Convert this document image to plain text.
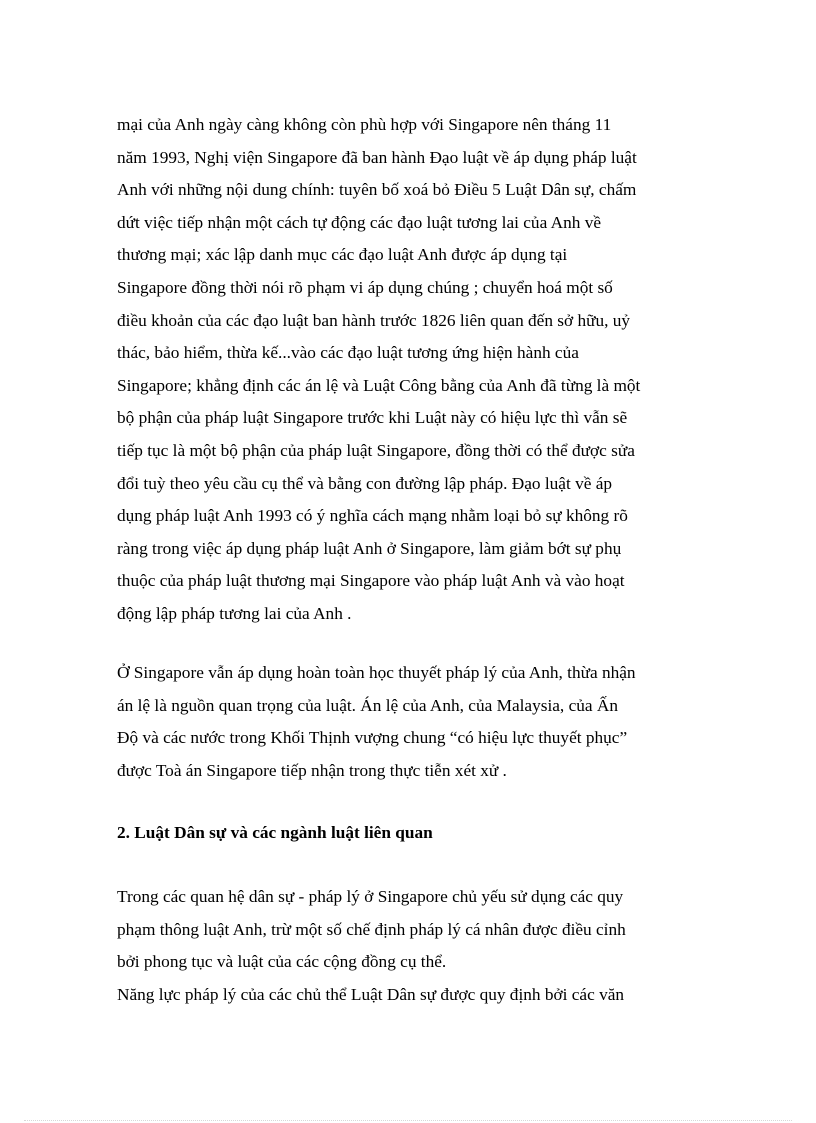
mại của Anh ngày càng không còn phù hợp với Singapore nên tháng 11
năm 1993, Nghị viện Singapore đã ban hành Đạo luật về áp dụng pháp luật
Anh với những nội dung chính: tuyên bố xoá bỏ Điều 5 Luật Dân sự, chấm
dứt việc tiếp nhận một cách tự động các đạo luật tương lai của Anh về
thương mại; xác lập danh mục các đạo luật Anh được áp dụng tại
Singapore đồng thời nói rõ phạm vi áp dụng chúng ; chuyển hoá một số
điều khoản của các đạo luật ban hành trước 1826 liên quan đến sở hữu, uỷ
thác, bảo hiểm, thừa kế...vào các đạo luật tương ứng hiện hành của
Singapore; khẳng định các án lệ và Luật Công bằng của Anh đã từng là một
bộ phận của pháp luật Singapore trước khi Luật này có hiệu lực thì vẫn sẽ
tiếp tục là một bộ phận của pháp luật Singapore, đồng thời có thể được sửa
đổi tuỳ theo yêu cầu cụ thể và bằng con đường lập pháp. Đạo luật về áp
dụng pháp luật Anh 1993 có ý nghĩa cách mạng nhằm loại bỏ sự không rõ
ràng trong việc áp dụng pháp luật Anh ở Singapore, làm giảm bớt sự phụ
thuộc của pháp luật thương mại Singapore vào pháp luật Anh và vào hoạt
động lập pháp tương lai của Anh .
Ở Singapore vẫn áp dụng hoàn toàn học thuyết pháp lý của Anh, thừa nhận
án lệ là nguồn quan trọng của luật. Án lệ của Anh, của Malaysia, của Ấn
Độ và các nước trong Khối Thịnh vượng chung “có hiệu lực thuyết phục”
được Toà án Singapore tiếp nhận trong thực tiễn xét xử .
2. Luật Dân sự và các ngành luật liên quan
Trong các quan hệ dân sự - pháp lý ở Singapore chủ yếu sử dụng các quy
phạm thông luật Anh, trừ một số chế định pháp lý cá nhân được điều cỉnh
bởi phong tục và luật của các cộng đồng cụ thể.
Năng lực pháp lý của các chủ thể Luật Dân sự được quy định bởi các văn
